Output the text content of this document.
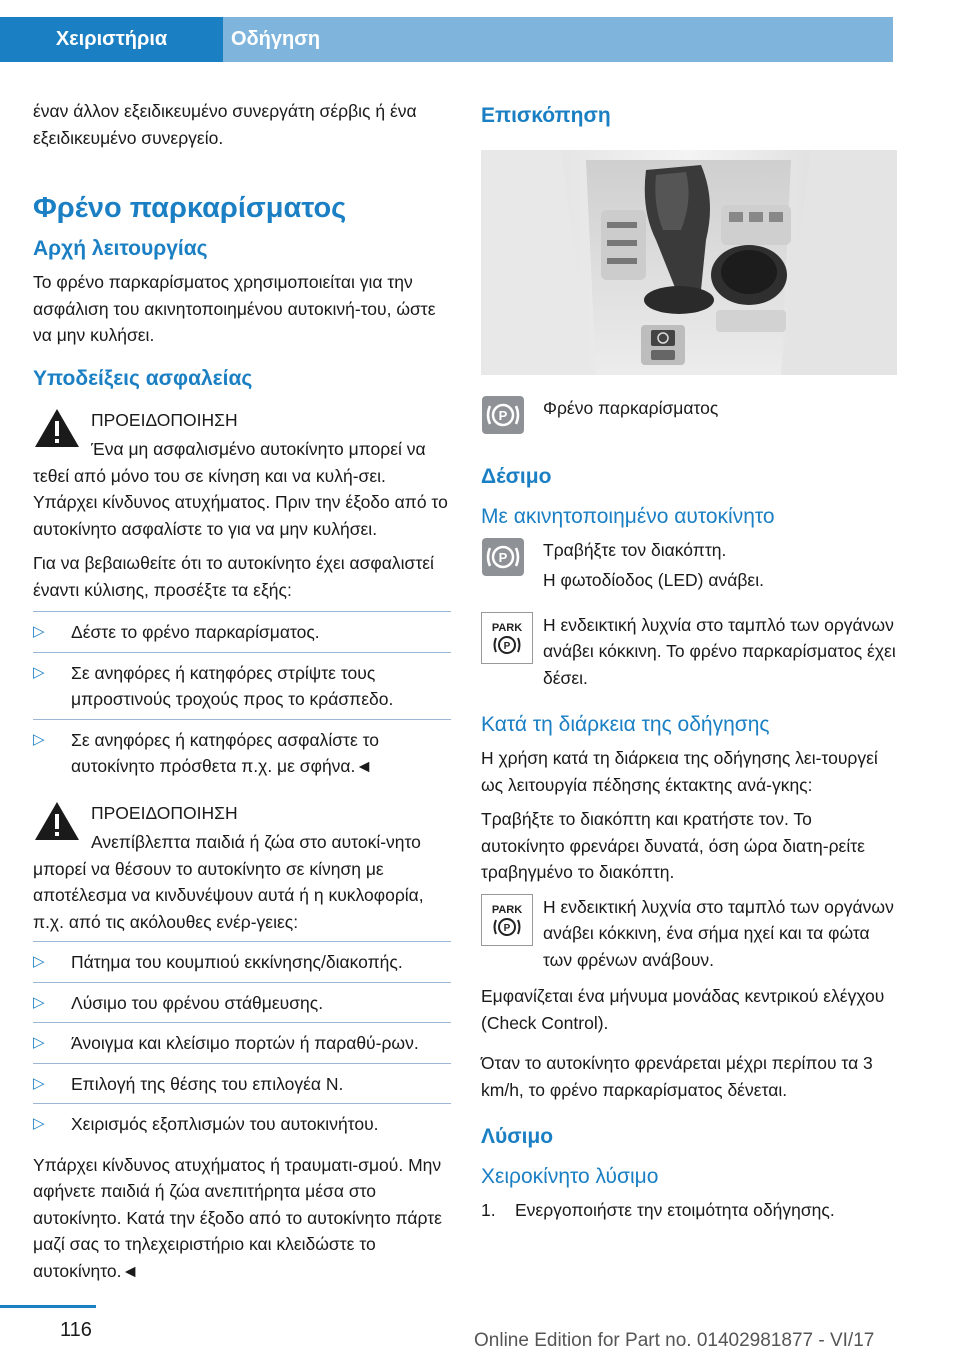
Χειριστήρια	Οδήγηση

έναν άλλον εξειδικευμένο συνεργάτη σέρβις ή ένα εξειδικευμένο συνεργείο.

Φρένο παρκαρίσματος
Αρχή λειτουργίας

Το φρένο παρκαρίσματος χρησιμοποιείται για την ασφάλιση του ακινητοποιημένου αυτοκινή-του, ώστε να μην κυλήσει.

Υποδείξεις ασφαλείας
ΠΡΟΕΙΔΟΠΟΙΗΣΗ
Ένα μη ασφαλισμένο αυτοκίνητο μπορεί να τεθεί από μόνο του σε κίνηση και να κυλή-σει. Υπάρχει κίνδυνος ατυχήματος. Πριν την έξοδο από το αυτοκίνητο ασφαλίστε το για να μην κυλήσει.

Για να βεβαιωθείτε ότι το αυτοκίνητο έχει ασφαλιστεί έναντι κύλισης, προσέξτε τα εξής:

▷	Δέστε το φρένο παρκαρίσματος.
▷	Σε ανηφόρες ή κατηφόρες στρίψτε τους μπροστινούς τροχούς προς το κράσπεδο.
▷	Σε ανηφόρες ή κατηφόρες ασφαλίστε το αυτοκίνητο πρόσθετα π.χ. με σφήνα.◄
ΠΡΟΕΙΔΟΠΟΙΗΣΗ
Ανεπίβλεπτα παιδιά ή ζώα στο αυτοκί-νητο μπορεί να θέσουν το αυτοκίνητο σε κίνηση με αποτέλεσμα να κινδυνέψουν αυτά ή η κυκλοφορία, π.χ. από τις ακόλουθες ενέρ-γειες:
▷	Πάτημα του κουμπιού εκκίνησης/διακοπής.
▷	Λύσιμο του φρένου στάθμευσης.
▷	Άνοιγμα και κλείσιμο πορτών ή παραθύ-ρων.
▷	Επιλογή της θέσης του επιλογέα N.
▷	Χειρισμός εξοπλισμών του αυτοκινήτου.

Υπάρχει κίνδυνος ατυχήματος ή τραυματι-σμού. Μην αφήνετε παιδιά ή ζώα ανεπιτήρητα μέσα στο αυτοκίνητο. Κατά την έξοδο από το αυτοκίνητο πάρτε μαζί σας το τηλεχειριστήριο και κλειδώστε το αυτοκίνητο.◄

Επισκόπηση
P Φρένο παρκαρίσματος
Δέσιμο
Με ακινητοποιημένο αυτοκίνητο
P Τραβήξτε τον διακόπτη.

Η φωτοδίοδος (LED) ανάβει.

PARK
P
Η ενδεικτική λυχνία στο ταμπλό των οργάνων ανάβει κόκκινη. Το φρένο παρκαρίσματος έχει δέσει.
Κατά τη διάρκεια της οδήγησης

Η χρήση κατά τη διάρκεια της οδήγησης λει-τουργεί ως λειτουργία πέδησης έκτακτης ανά-γκης:

Τραβήξτε το διακόπτη και κρατήστε τον. Το αυτοκίνητο φρενάρει δυνατά, όση ώρα διατη-ρείτε τραβηγμένο το διακόπτη.

PARK
P
Η ενδεικτική λυχνία στο ταμπλό των οργάνων ανάβει κόκκινη, ένα σήμα ηχεί και τα φώτα των φρένων ανάβουν.

Εμφανίζεται ένα μήνυμα μονάδας κεντρικού ελέγχου (Check Control).

Όταν το αυτοκίνητο φρενάρεται μέχρι περίπου τα 3 km/h, το φρένο παρκαρίσματος δένεται.

Λύσιμο
Χειροκίνητο λύσιμο
1.	Ενεργοποιήστε την ετοιμότητα οδήγησης.
116	Online Edition for Part no. 01402981877 - VI/17
